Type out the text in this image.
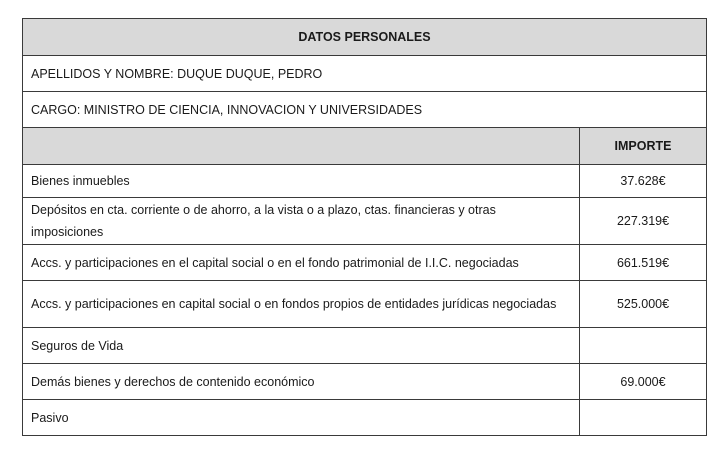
DATOS PERSONALES	
APELLIDOS Y NOMBRE: DUQUE DUQUE, PEDRO	
CARGO: MINISTRO DE CIENCIA, INNOVACION Y UNIVERSIDADES	
	IMPORTE
Bienes inmuebles	37.628€
Depósitos en cta. corriente o de ahorro, a la vista o a plazo, ctas. financieras y otras imposiciones	227.319€
Accs. y participaciones en el capital social o en el fondo patrimonial de I.I.C. negociadas	661.519€
Accs. y participaciones en capital social o en fondos propios de entidades jurídicas negociadas	525.000€
Seguros de Vida	
Demás bienes y derechos de contenido económico	69.000€
Pasivo	
